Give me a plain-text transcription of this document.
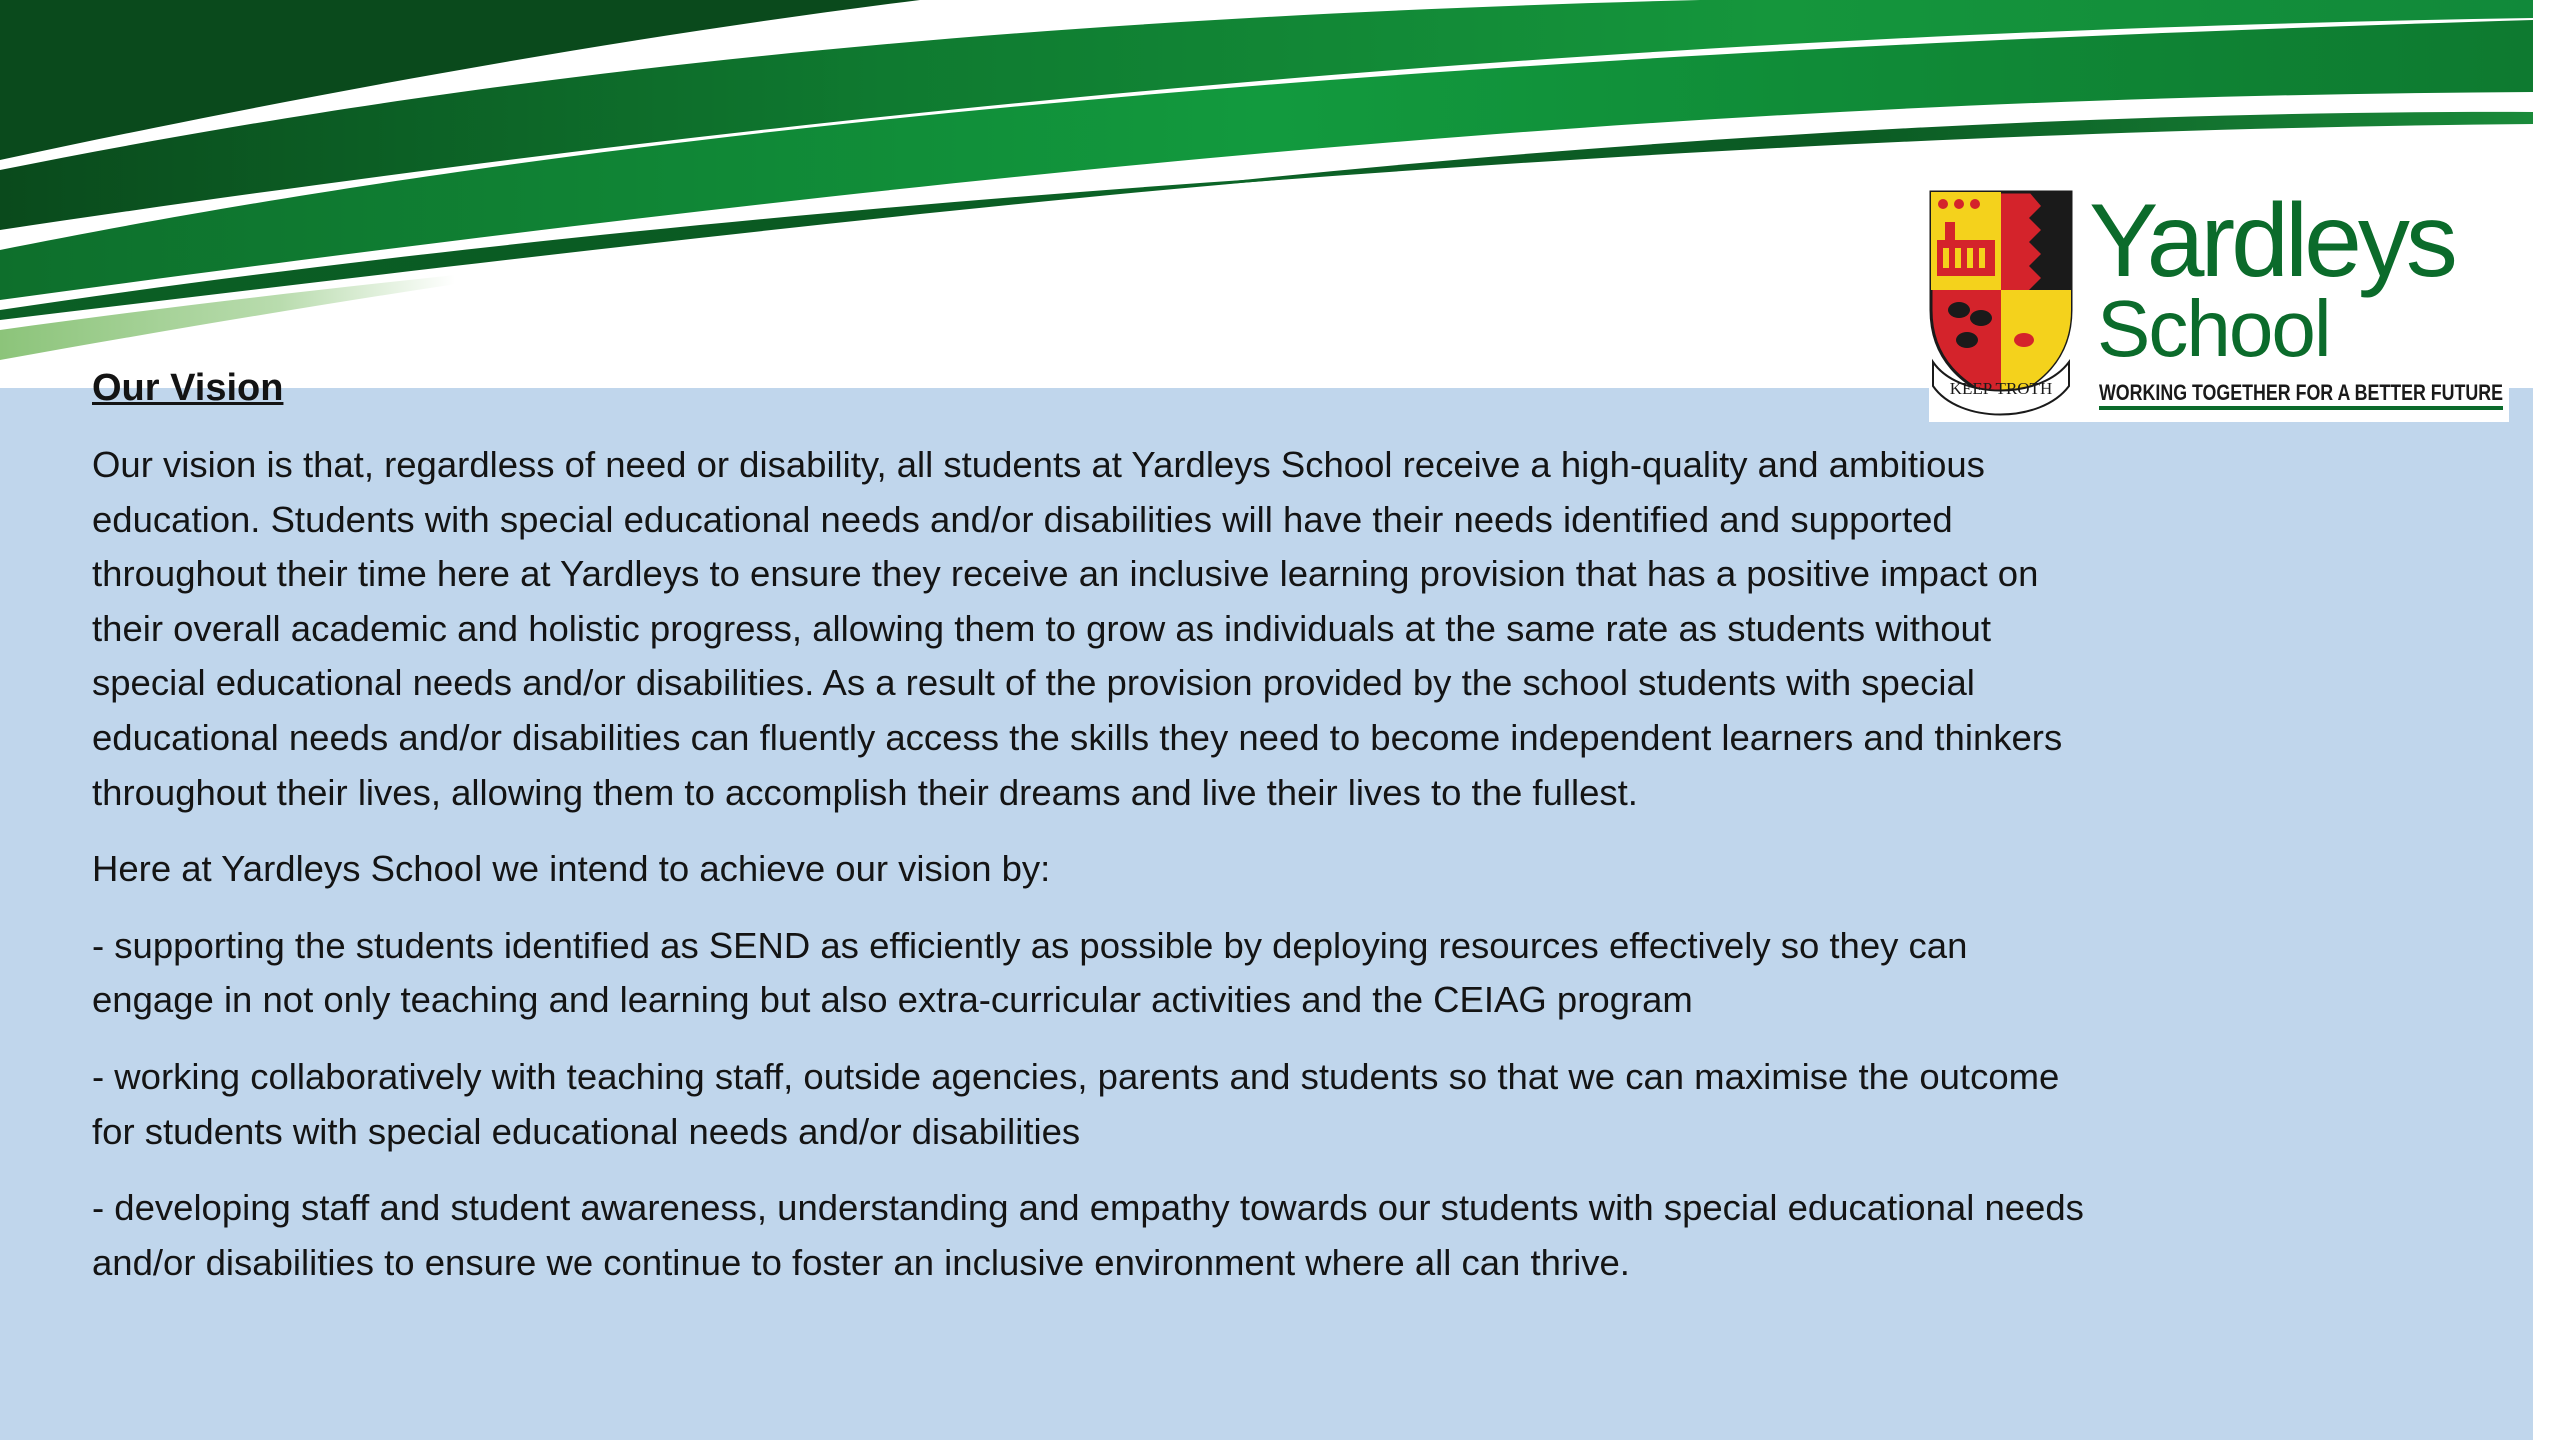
KEEP TROTH
Yardleys
School
WORKING TOGETHER FOR A BETTER FUTURE
Our Vision
Our vision is that, regardless of need or disability, all students at Yardleys School receive a high-quality and ambitious education. Students with special educational needs and/or disabilities will have their needs identified and supported throughout their time here at Yardleys to ensure they receive an inclusive learning provision that has a positive impact on their overall academic and holistic progress, allowing them to grow as individuals at the same rate as students without special educational needs and/or disabilities. As a result of the provision provided by the school students with special educational needs and/or disabilities can fluently access the skills they need to become independent learners and thinkers throughout their lives, allowing them to accomplish their dreams and live their lives to the fullest.
Here at Yardleys School we intend to achieve our vision by:
- supporting the students identified as SEND as efficiently as possible by deploying resources effectively so they can engage in not only teaching and learning but also extra-curricular activities and the CEIAG program
- working collaboratively with teaching staff, outside agencies, parents and students so that we can maximise the outcome for students with special educational needs and/or disabilities
- developing staff and student awareness, understanding and empathy towards our students with special educational needs and/or disabilities to ensure we continue to foster an inclusive environment where all can thrive.
